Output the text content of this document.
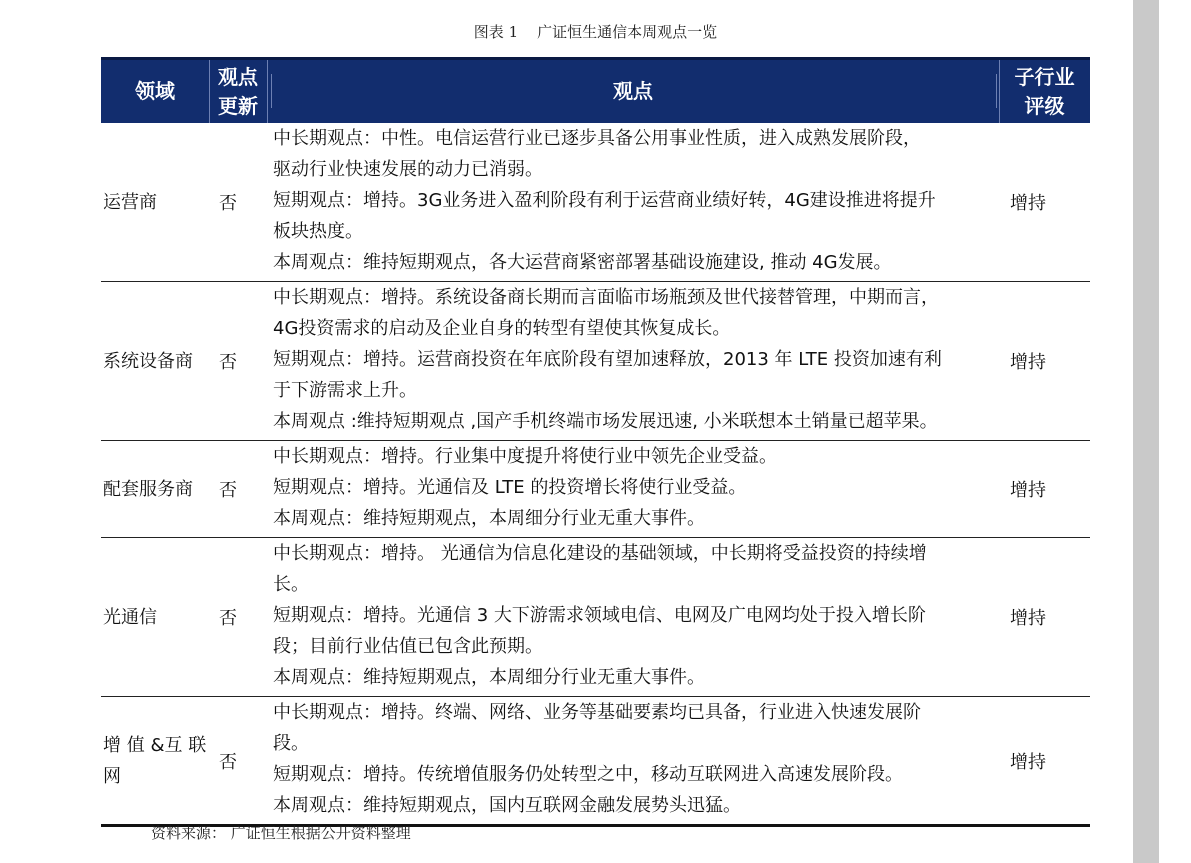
图表 1    广证恒生通信本周观点一览
领域
观点更新
观点
子行业评级
运营商	否
中长期观点：中性。电信运营行业已逐步具备公用事业性质，进入成熟发展阶段，
驱动行业快速发展的动力已消弱。
短期观点：增持。3G业务进入盈利阶段有利于运营商业绩好转，4G建设推进将提升
板块热度。
本周观点：维持短期观点，各大运营商紧密部署基础设施建设, 推动 4G发展。
增持
系统设备商 否
中长期观点：增持。系统设备商长期而言面临市场瓶颈及世代接替管理，中期而言，
4G投资需求的启动及企业自身的转型有望使其恢复成长。
短期观点：增持。运营商投资在年底阶段有望加速释放，2013 年 LTE 投资加速有利
于下游需求上升。
本周观点 :维持短期观点 ,国产手机终端市场发展迅速, 小米联想本土销量已超苹果。
增持
配套服务商 否
中长期观点：增持。行业集中度提升将使行业中领先企业受益。
短期观点：增持。光通信及 LTE 的投资增长将使行业受益。
本周观点：维持短期观点，本周细分行业无重大事件。
增持
光通信	否
中长期观点：增持。 光通信为信息化建设的基础领域，中长期将受益投资的持续增
长。
短期观点：增持。光通信 3 大下游需求领域电信、电网及广电网均处于投入增长阶
段；目前行业估值已包含此预期。
本周观点：维持短期观点，本周细分行业无重大事件。
增持
增 值 &互 联 网
否
中长期观点：增持。终端、网络、业务等基础要素均已具备，行业进入快速发展阶
段。
短期观点：增持。传统增值服务仍处转型之中，移动互联网进入高速发展阶段。
本周观点：维持短期观点，国内互联网金融发展势头迅猛。
增持
资料来源： 广证恒生根据公开资料整理
